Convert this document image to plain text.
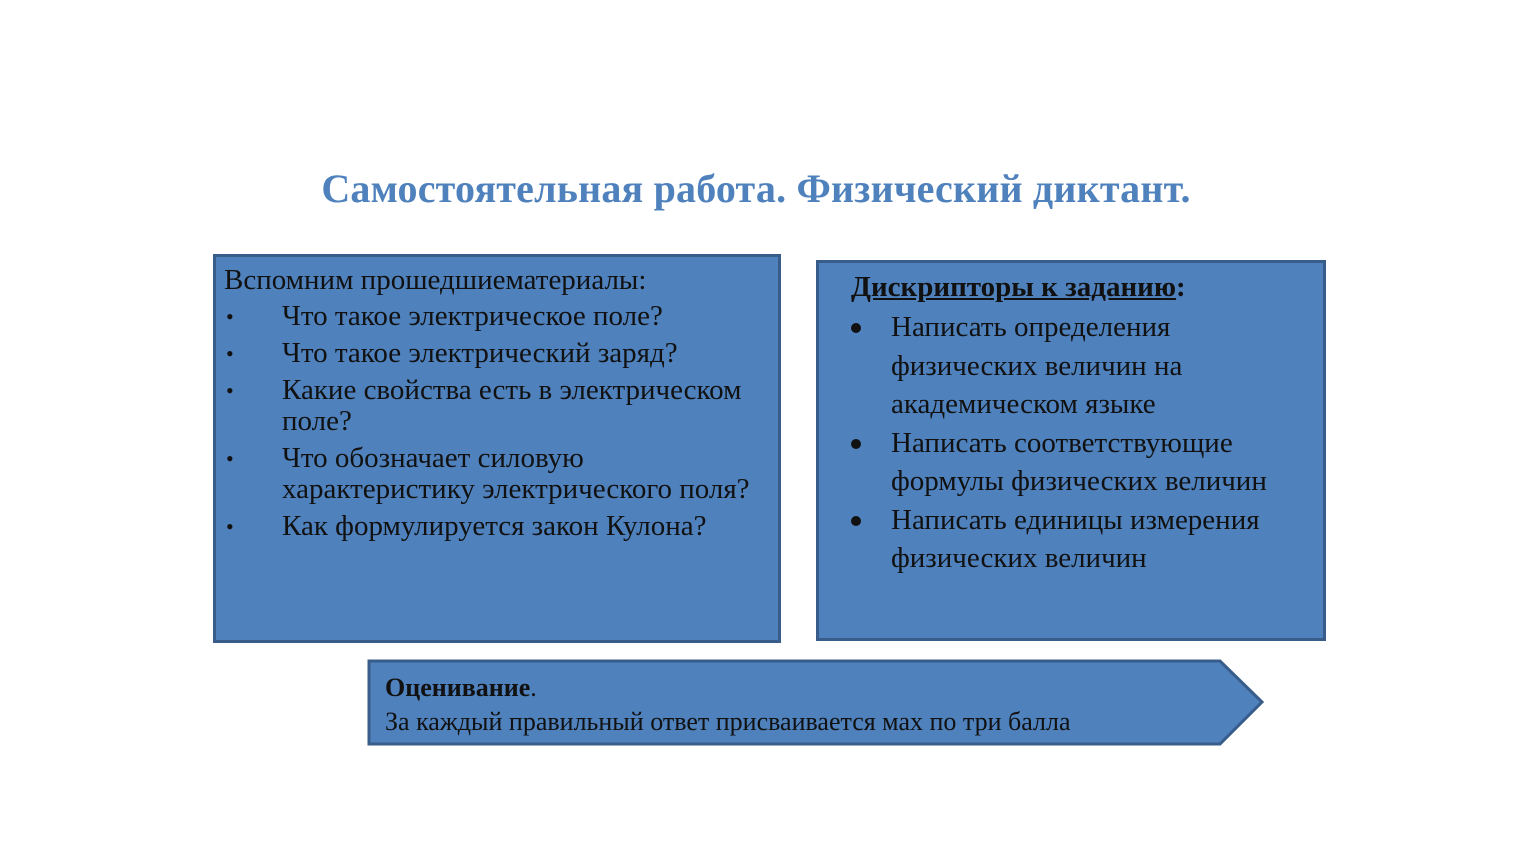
Самостоятельная работа. Физический диктант.
Вспомним прошедшиематериалы:
• Что такое электрическое поле?
• Что такое электрический заряд?
• Какие свойства есть в электрическом поле?
• Что обозначает силовую характеристику электрического поля?
• Как формулируется закон Кулона?
Дискрипторы к заданию:
Написать определения физических величин на академическом языке
Написать соответствующие формулы физических величин
Написать единицы измерения физических величин
Оценивание.
За каждый правильный ответ присваивается мах по три балла
